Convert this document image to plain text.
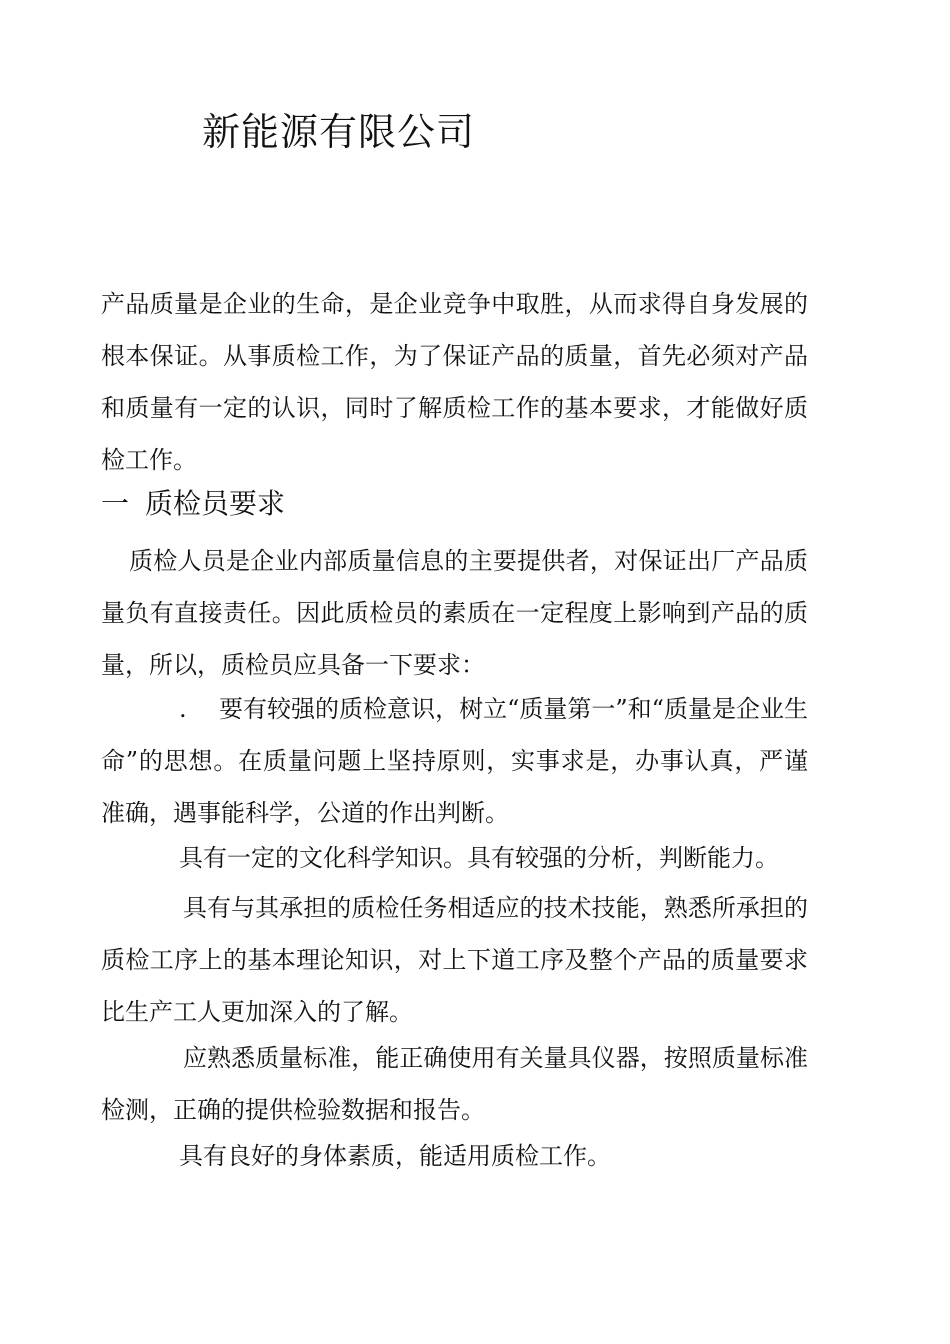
新能源有限公司

产品质量是企业的生命，是企业竞争中取胜，从而求得自身发展的根本保证。从事质检工作，为了保证产品的质量，首先必须对产品和质量有一定的认识，同时了解质检工作的基本要求，才能做好质检工作。

一 质检员要求

质检人员是企业内部质量信息的主要提供者，对保证出厂产品质量负有直接责任。因此质检员的素质在一定程度上影响到产品的质量，所以，质检员应具备一下要求：

. 要有较强的质检意识，树立“质量第一”和“质量是企业生命”的思想。在质量问题上坚持原则，实事求是，办事认真，严谨准确，遇事能科学，公道的作出判断。

具有一定的文化科学知识。具有较强的分析，判断能力。

具有与其承担的质检任务相适应的技术技能，熟悉所承担的质检工序上的基本理论知识，对上下道工序及整个产品的质量要求比生产工人更加深入的了解。

应熟悉质量标准，能正确使用有关量具仪器，按照质量标准检测，正确的提供检验数据和报告。

具有良好的身体素质，能适用质检工作。
